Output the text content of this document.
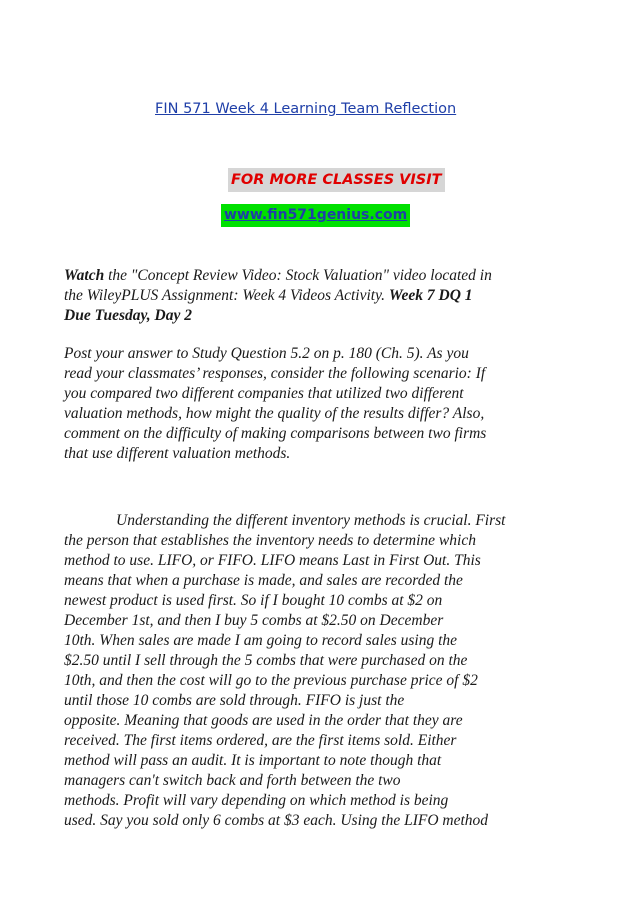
FIN 571 Week 4 Learning Team Reflection
FOR MORE CLASSES VISIT
www.fin571genius.com
Watch the "Concept Review Video: Stock Valuation" video located in
the WileyPLUS Assignment: Week 4 Videos Activity. Week 7 DQ 1
Due Tuesday, Day 2
Post your answer to Study Question 5.2 on p. 180 (Ch. 5). As you
read your classmates’ responses, consider the following scenario: If
you compared two different companies that utilized two different
valuation methods, how might the quality of the results differ? Also,
comment on the difficulty of making comparisons between two firms
that use different valuation methods.
Understanding the different inventory methods is crucial. First
the person that establishes the inventory needs to determine which
method to use. LIFO, or FIFO. LIFO means Last in First Out. This
means that when a purchase is made, and sales are recorded the
newest product is used first. So if I bought 10 combs at $2 on
December 1st, and then I buy 5 combs at $2.50 on December
10th. When sales are made I am going to record sales using the
$2.50 until I sell through the 5 combs that were purchased on the
10th, and then the cost will go to the previous purchase price of $2
until those 10 combs are sold through. FIFO is just the
opposite. Meaning that goods are used in the order that they are
received. The first items ordered, are the first items sold. Either
method will pass an audit. It is important to note though that
managers can't switch back and forth between the two
methods. Profit will vary depending on which method is being
used. Say you sold only 6 combs at $3 each. Using the LIFO method
